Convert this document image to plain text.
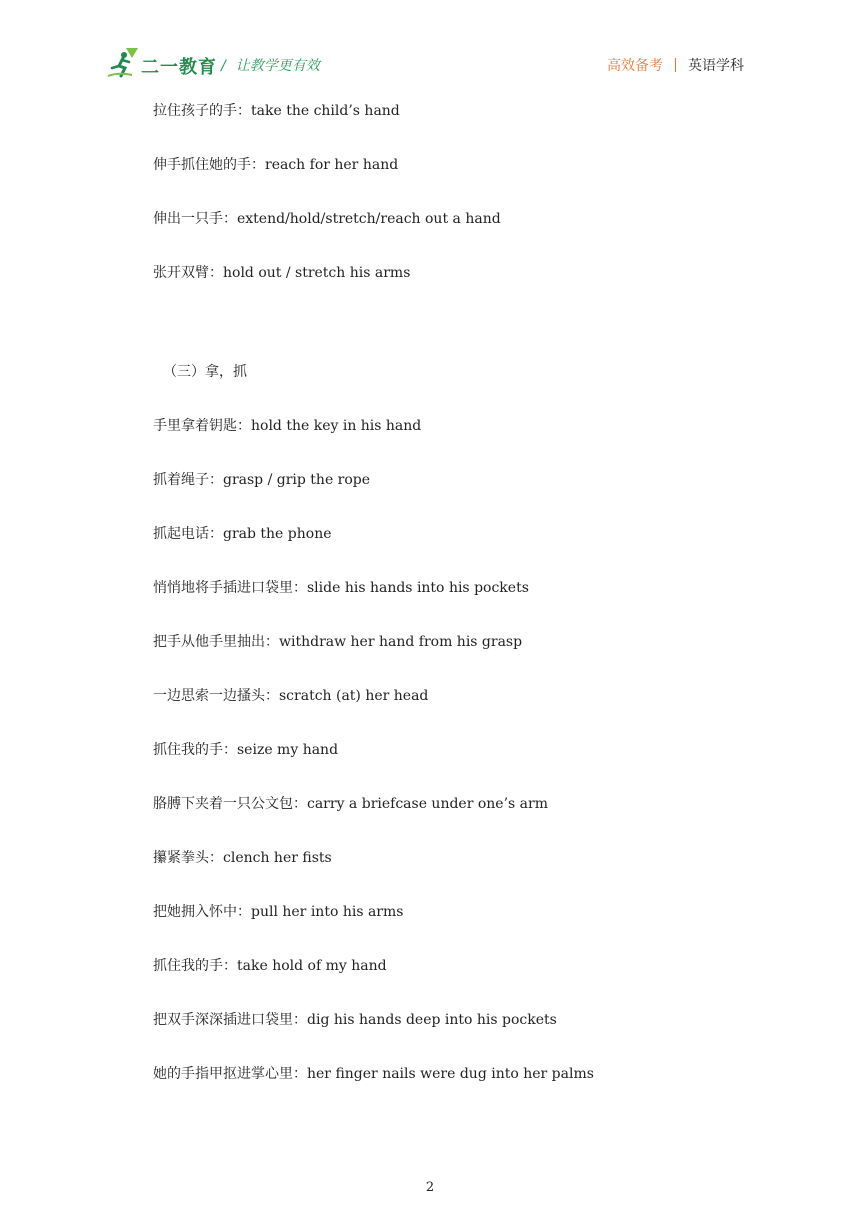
二一教育 / 让教学更有效	高效备考 英语学科
拉住孩子的手：take the child’s hand
伸手抓住她的手：reach for her hand
伸出一只手：extend/hold/stretch/reach out a hand
张开双臂：hold out / stretch his arms
（三）拿，抓
手里拿着钥匙：hold the key in his hand
抓着绳子：grasp / grip the rope
抓起电话：grab the phone
悄悄地将手插进口袋里：slide his hands into his pockets
把手从他手里抽出：withdraw her hand from his grasp
一边思索一边搔头：scratch (at) her head
抓住我的手：seize my hand
胳膊下夹着一只公文包：carry a briefcase under one’s arm
攥紧拳头：clench her fists
把她拥入怀中：pull her into his arms
抓住我的手：take hold of my hand
把双手深深插进口袋里：dig his hands deep into his pockets
她的手指甲抠进掌心里：her finger nails were dug into her palms
2
